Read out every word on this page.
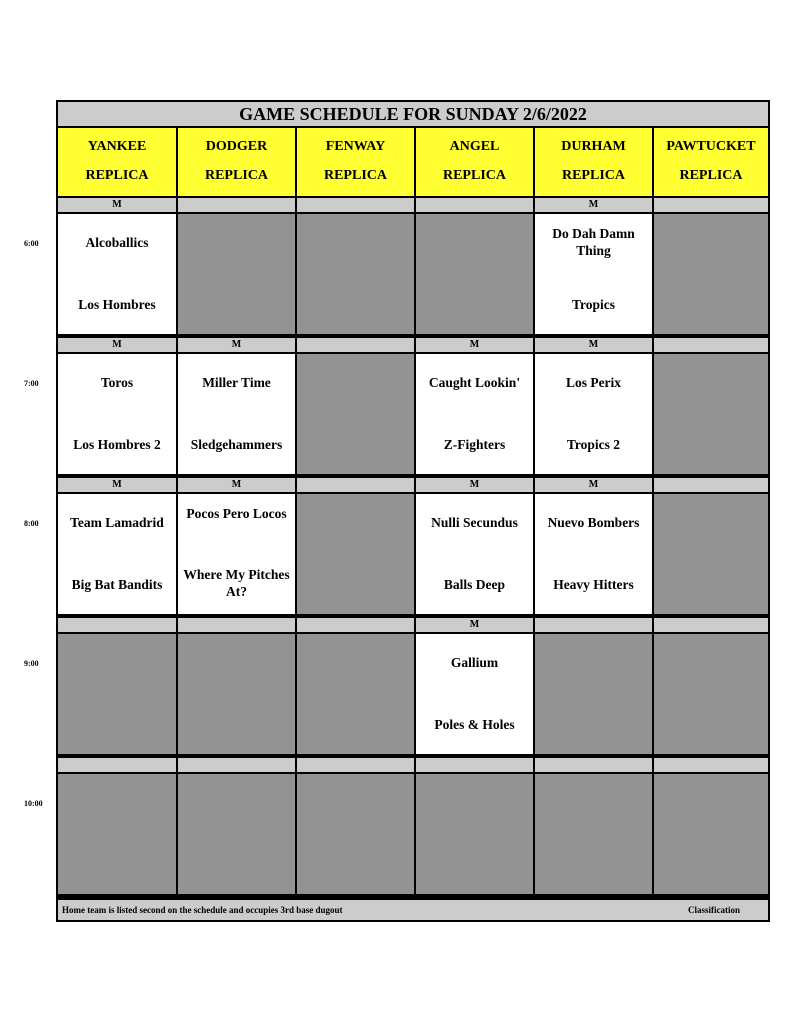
GAME SCHEDULE FOR SUNDAY 2/6/2022
YANKEE
REPLICA
DODGER
REPLICA
FENWAY
REPLICA
ANGEL
REPLICA
DURHAM
REPLICA
PAWTUCKET
REPLICA
M
Alcoballics
Los Hombres
M
Do Dah Damn Thing
Tropics
M
Toros
Los Hombres 2
M
Miller Time
Sledgehammers
M
Caught Lookin'
Z-Fighters
M
Los Perix
Tropics 2
M
Team Lamadrid
Big Bat Bandits
M
Pocos Pero Locos
Where My Pitches At?
M
Nulli Secundus
Balls Deep
M
Nuevo Bombers
Heavy Hitters
M
Gallium
Poles & Holes
Home team is listed second on the schedule and occupies 3rd base dugout	Classification
6:00
7:00
8:00
9:00
10:00
